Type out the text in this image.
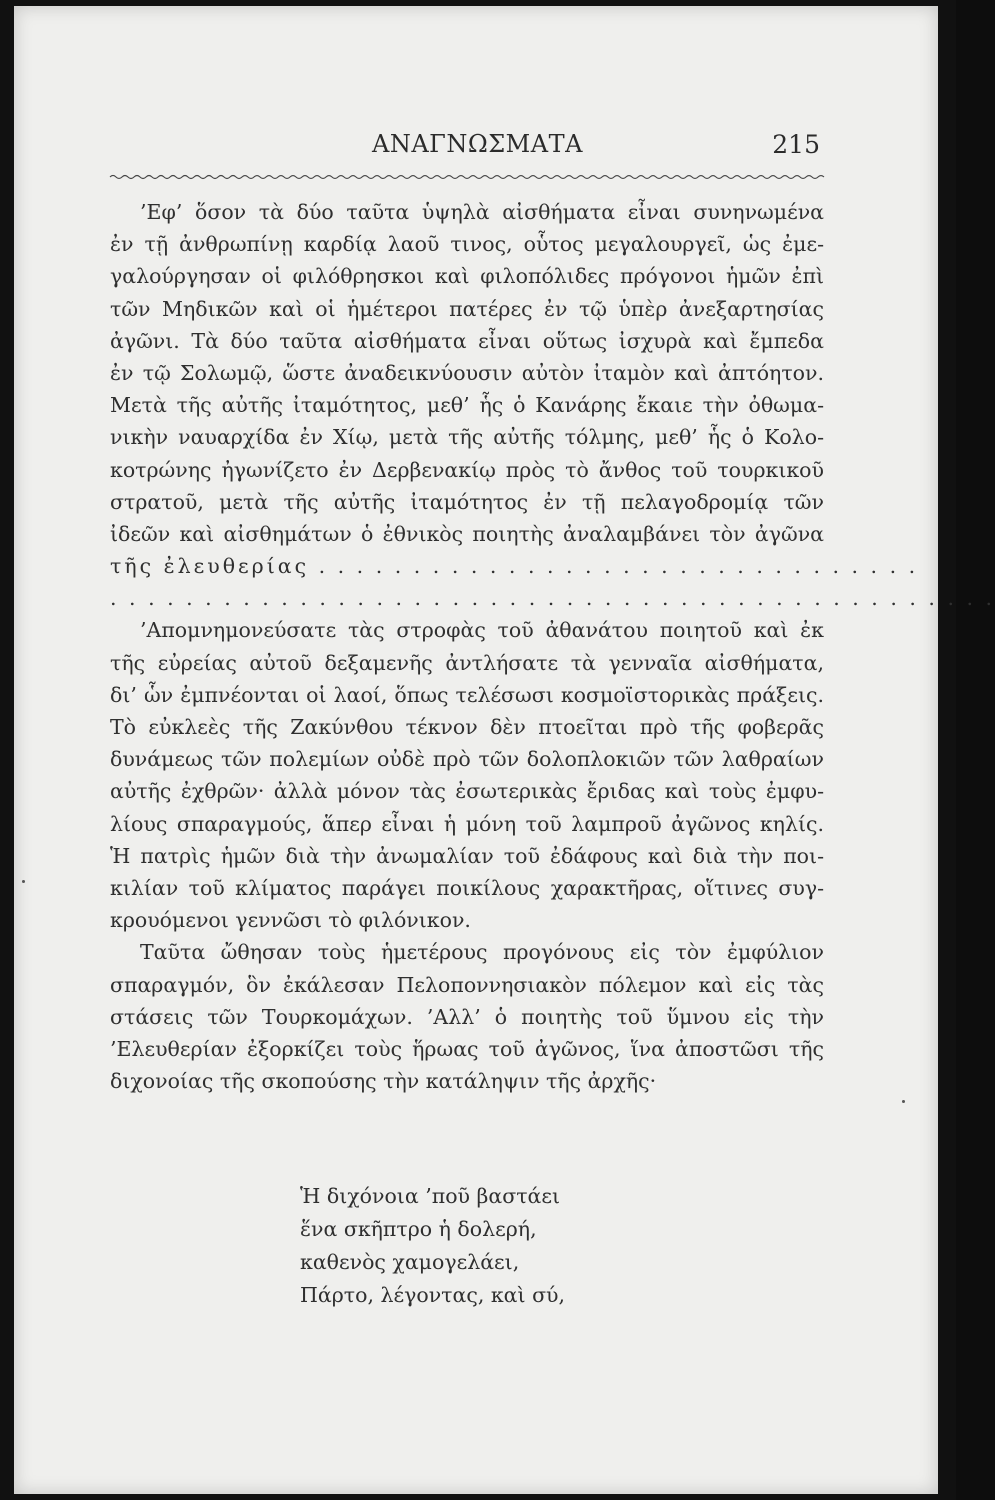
ΑΝΑΓΝΩΣΜΑΤΑ	215
’Εφ’ ὅσον τὰ δύο ταῦτα ὑψηλὰ αἰσθήματα εἶναι συνηνωμένα
ἐν τῇ ἀνθρωπίνῃ καρδίᾳ λαοῦ τινος, οὗτος μεγαλουργεῖ, ὡς ἐμε-
γαλούργησαν οἱ φιλόθρησκοι καὶ φιλοπόλιδες πρόγονοι ἡμῶν ἐπὶ
τῶν Μηδικῶν καὶ οἱ ἡμέτεροι πατέρες ἐν τῷ ὑπὲρ ἀνεξαρτησίας
ἀγῶνι. Τὰ δύο ταῦτα αἰσθήματα εἶναι οὕτως ἰσχυρὰ καὶ ἔμπεδα
ἐν τῷ Σολωμῷ, ὥστε ἀναδεικνύουσιν αὐτὸν ἰταμὸν καὶ ἀπτόητον.
Μετὰ τῆς αὐτῆς ἰταμότητος, μεθ’ ἧς ὁ Κανάρης ἔκαιε τὴν ὀθωμα-
νικὴν ναυαρχίδα ἐν Χίῳ, μετὰ τῆς αὐτῆς τόλμης, μεθ’ ἧς ὁ Κολο-
κοτρώνης ἠγωνίζετο ἐν Δερβενακίῳ πρὸς τὸ ἄνθος τοῦ τουρκικοῦ
στρατοῦ, μετὰ τῆς αὐτῆς ἰταμότητος ἐν τῇ πελαγοδρομίᾳ τῶν
ἰδεῶν καὶ αἰσθημάτων ὁ ἐθνικὸς ποιητὴς ἀναλαμβάνει τὸν ἀγῶνα
τῆς ἐλευθερίας . . . . . . . . . . . . . . . . . . . . . . . . . . . . . . . .
. . . . . . . . . . . . . . . . . . . . . . . . . . . . . . . . . . . . . . . . . . . . . . .
’Απομνημονεύσατε τὰς στροφὰς τοῦ ἀθανάτου ποιητοῦ καὶ ἐκ
τῆς εὐρείας αὐτοῦ δεξαμενῆς ἀντλήσατε τὰ γενναῖα αἰσθήματα,
δι’ ὧν ἐμπνέονται οἱ λαοί, ὅπως τελέσωσι κοσμοϊστορικὰς πράξεις.
Τὸ εὐκλεὲς τῆς Ζακύνθου τέκνον δὲν πτοεῖται πρὸ τῆς φοβερᾶς
δυνάμεως τῶν πολεμίων οὐδὲ πρὸ τῶν δολοπλοκιῶν τῶν λαθραίων
αὐτῆς ἐχθρῶν· ἀλλὰ μόνον τὰς ἐσωτερικὰς ἔριδας καὶ τοὺς ἐμφυ-
λίους σπαραγμούς, ἅπερ εἶναι ἡ μόνη τοῦ λαμπροῦ ἀγῶνος κηλίς.
Ἡ πατρὶς ἡμῶν διὰ τὴν ἀνωμαλίαν τοῦ ἐδάφους καὶ διὰ τὴν ποι-
κιλίαν τοῦ κλίματος παράγει ποικίλους χαρακτῆρας, οἵτινες συγ-
κρουόμενοι γεννῶσι τὸ φιλόνικον.
Ταῦτα ὤθησαν τοὺς ἡμετέρους προγόνους εἰς τὸν ἐμφύλιον
σπαραγμόν, ὃν ἐκάλεσαν Πελοποννησιακὸν πόλεμον καὶ εἰς τὰς
στάσεις τῶν Τουρκομάχων. ’Αλλ’ ὁ ποιητὴς τοῦ ὕμνου εἰς τὴν
’Ελευθερίαν ἐξορκίζει τοὺς ἥρωας τοῦ ἀγῶνος, ἵνα ἀποστῶσι τῆς
διχονοίας τῆς σκοπούσης τὴν κατάληψιν τῆς ἀρχῆς·
Ἡ διχόνοια ’ποῦ βαστάει
ἕνα σκῆπτρο ἡ δολερή,
καθενὸς χαμογελάει,
Πάρτο, λέγοντας, καὶ σύ,
